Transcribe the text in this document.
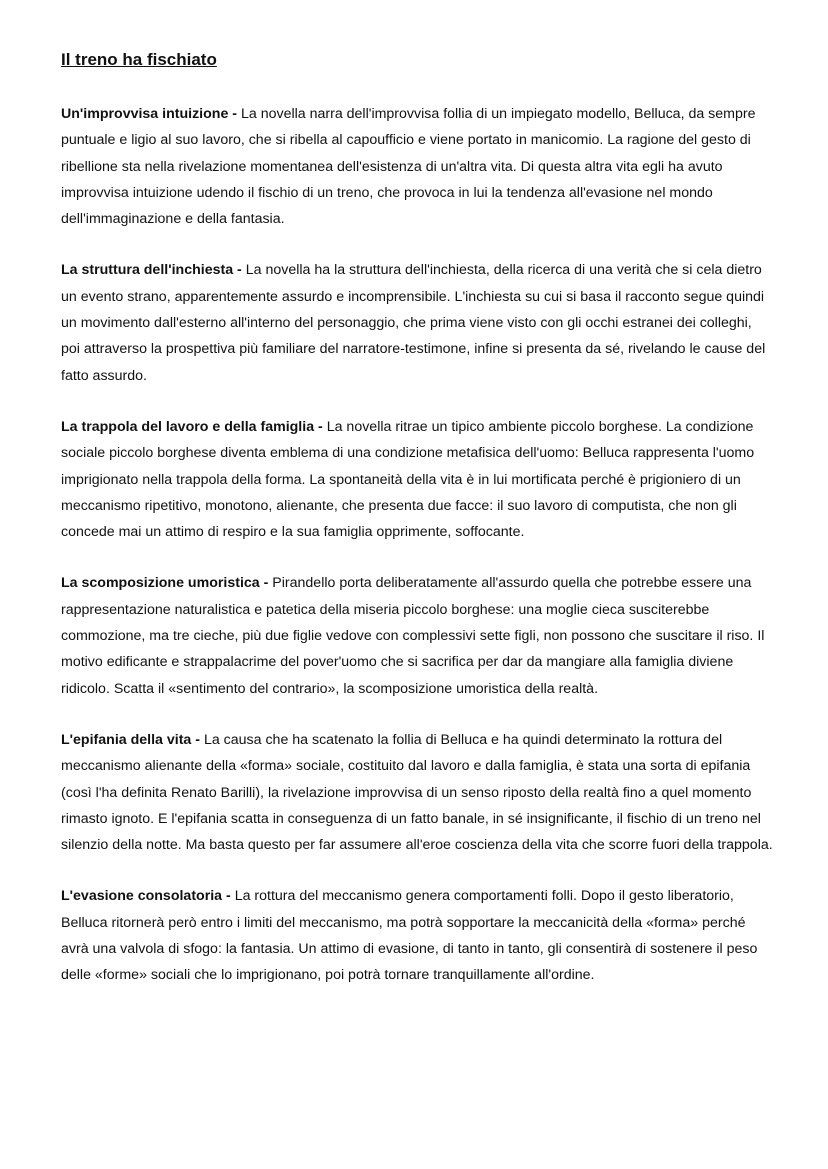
Il treno ha fischiato

Un'improvvisa intuizione - La novella narra dell'improvvisa follia di un impiegato modello, Belluca, da sempre puntuale e ligio al suo lavoro, che si ribella al capoufficio e viene portato in manicomio. La ragione del gesto di ribellione sta nella rivelazione momentanea dell'esistenza di un'altra vita. Di questa altra vita egli ha avuto improvvisa intuizione udendo il fischio di un treno, che provoca in lui la tendenza all'evasione nel mondo dell'immaginazione e della fantasia.

La struttura dell'inchiesta - La novella ha la struttura dell'inchiesta, della ricerca di una verità che si cela dietro un evento strano, apparentemente assurdo e incomprensibile. L'inchiesta su cui si basa il racconto segue quindi un movimento dall'esterno all'interno del personaggio, che prima viene visto con gli occhi estranei dei colleghi, poi attraverso la prospettiva più familiare del narratore-testimone, infine si presenta da sé, rivelando le cause del fatto assurdo.

La trappola del lavoro e della famiglia - La novella ritrae un tipico ambiente piccolo borghese. La condizione sociale piccolo borghese diventa emblema di una condizione metafisica dell'uomo: Belluca rappresenta l'uomo imprigionato nella trappola della forma. La spontaneità della vita è in lui mortificata perché è prigioniero di un meccanismo ripetitivo, monotono, alienante, che presenta due facce: il suo lavoro di computista, che non gli concede mai un attimo di respiro e la sua famiglia opprimente, soffocante.

La scomposizione umoristica - Pirandello porta deliberatamente all'assurdo quella che potrebbe essere una rappresentazione naturalistica e patetica della miseria piccolo borghese: una moglie cieca susciterebbe commozione, ma tre cieche, più due figlie vedove con complessivi sette figli, non possono che suscitare il riso. Il motivo edificante e strappalacrime del pover'uomo che si sacrifica per dar da mangiare alla famiglia diviene ridicolo. Scatta il «sentimento del contrario», la scomposizione umoristica della realtà.

L'epifania della vita - La causa che ha scatenato la follia di Belluca e ha quindi determinato la rottura del meccanismo alienante della «forma» sociale, costituito dal lavoro e dalla famiglia, è stata una sorta di epifania (così l'ha definita Renato Barilli), la rivelazione improvvisa di un senso riposto della realtà fino a quel momento rimasto ignoto. E l'epifania scatta in conseguenza di un fatto banale, in sé insignificante, il fischio di un treno nel silenzio della notte. Ma basta questo per far assumere all'eroe coscienza della vita che scorre fuori della trappola.

L'evasione consolatoria - La rottura del meccanismo genera comportamenti folli. Dopo il gesto liberatorio, Belluca ritornerà però entro i limiti del meccanismo, ma potrà sopportare la meccanicità della «forma» perché avrà una valvola di sfogo: la fantasia. Un attimo di evasione, di tanto in tanto, gli consentirà di sostenere il peso delle «forme» sociali che lo imprigionano, poi potrà tornare tranquillamente all'ordine.
